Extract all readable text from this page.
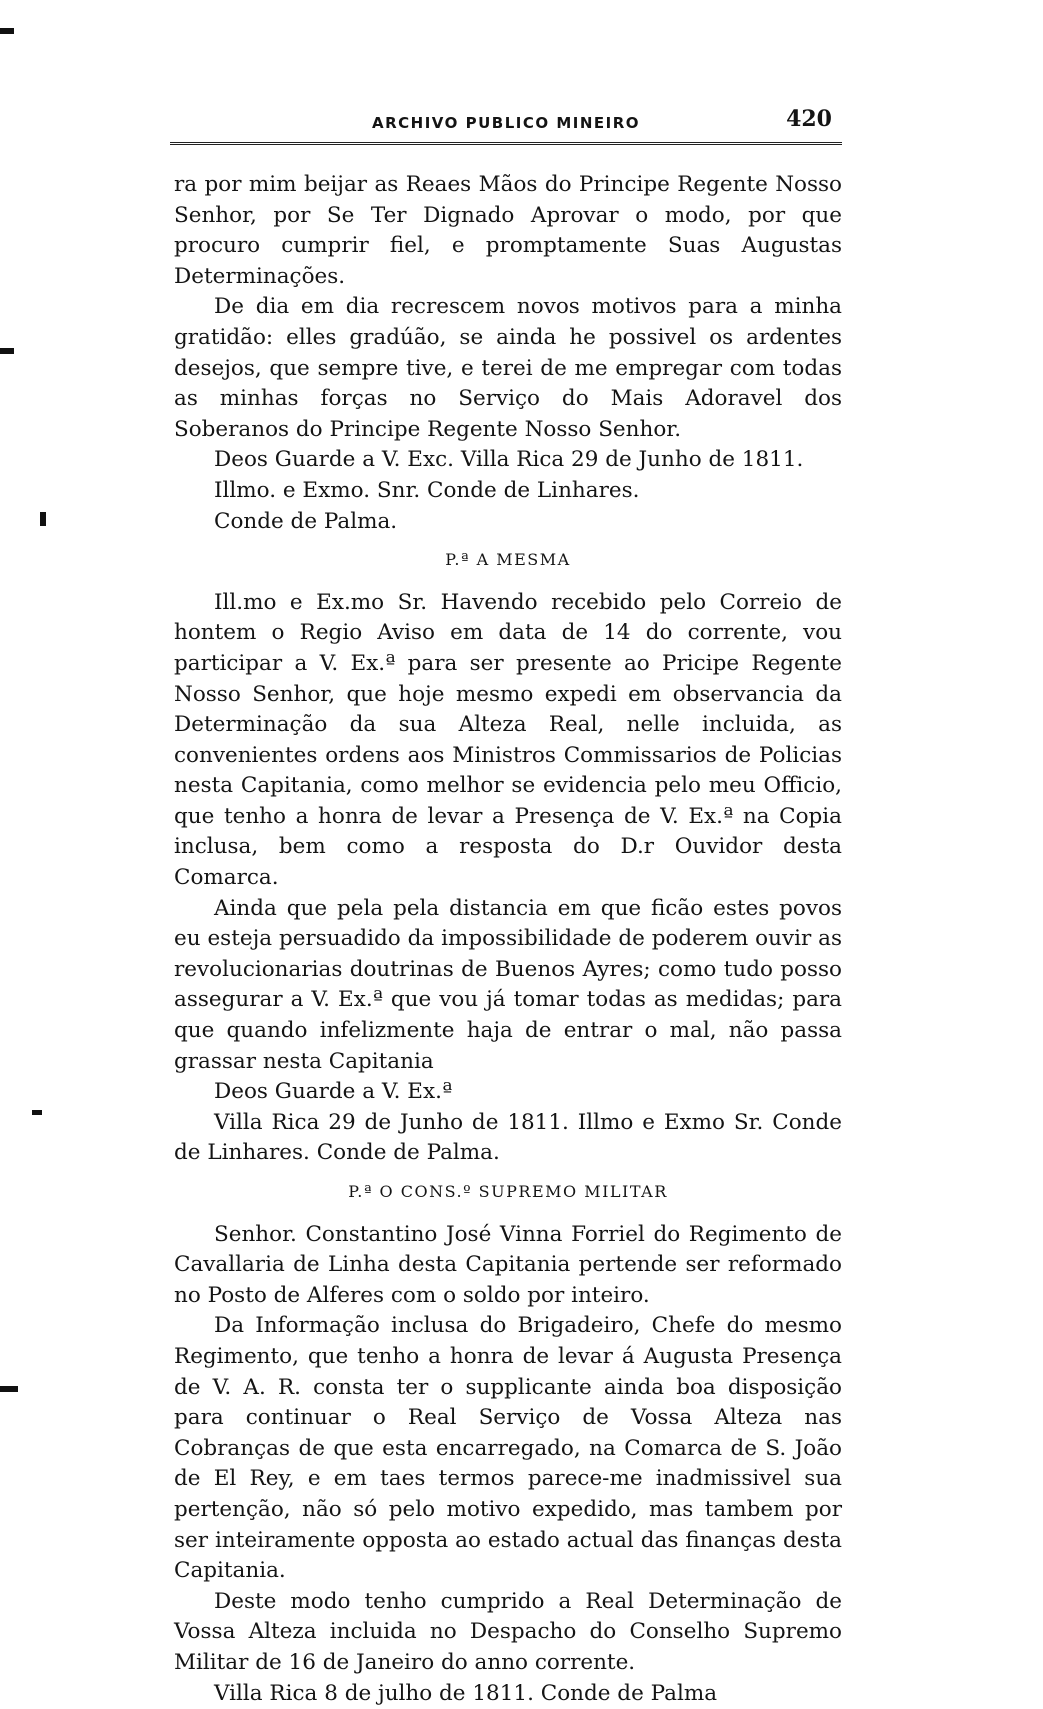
ARCHIVO PUBLICO MINEIRO	420

ra por mim beijar as Reaes Mãos do Principe Regente Nosso Senhor, por Se Ter Dignado Aprovar o modo, por que procuro cumprir fiel, e promptamente Suas Augustas Determinações.

De dia em dia recrescem novos motivos para a minha gratidão: elles gradúão, se ainda he possivel os ardentes desejos, que sempre tive, e terei de me empregar com todas as minhas forças no Serviço do Mais Adoravel dos Soberanos do Principe Regente Nosso Senhor.

Deos Guarde a V. Exc. Villa Rica 29 de Junho de 1811.

Illmo. e Exmo. Snr. Conde de Linhares.

Conde de Palma.

P.ª A MESMA

Ill.mo e Ex.mo Sr. Havendo recebido pelo Correio de hontem o Regio Aviso em data de 14 do corrente, vou participar a V. Ex.ª para ser presente ao Pricipe Regente Nosso Senhor, que hoje mesmo expedi em observancia da Determinação da sua Alteza Real, nelle incluida, as convenientes ordens aos Ministros Commissarios de Policias nesta Capitania, como melhor se evidencia pelo meu Officio, que tenho a honra de levar a Presença de V. Ex.ª na Copia inclusa, bem como a resposta do D.r Ouvidor desta Comarca.

Ainda que pela pela distancia em que ficão estes povos eu esteja persuadido da impossibilidade de poderem ouvir as revolucionarias doutrinas de Buenos Ayres; como tudo posso assegurar a V. Ex.ª que vou já tomar todas as medidas; para que quando infelizmente haja de entrar o mal, não passa grassar nesta Capitania

Deos Guarde a V. Ex.ª

Villa Rica 29 de Junho de 1811. Illmo e Exmo Sr. Conde de Linhares. Conde de Palma.

P.ª O CONS.º SUPREMO MILITAR

Senhor. Constantino José Vinna Forriel do Regimento de Cavallaria de Linha desta Capitania pertende ser reformado no Posto de Alferes com o soldo por inteiro.

Da Informação inclusa do Brigadeiro, Chefe do mesmo Regimento, que tenho a honra de levar á Augusta Presença de V. A. R. consta ter o supplicante ainda boa disposição para continuar o Real Serviço de Vossa Alteza nas Cobranças de que esta encarregado, na Comarca de S. João de El Rey, e em taes termos parece-me inadmissivel sua pertenção, não só pelo motivo expedido, mas tambem por ser inteiramente opposta ao estado actual das finanças desta Capitania.

Deste modo tenho cumprido a Real Determinação de Vossa Alteza incluida no Despacho do Conselho Supremo Militar de 16 de Janeiro do anno corrente.

Villa Rica 8 de julho de 1811. Conde de Palma
